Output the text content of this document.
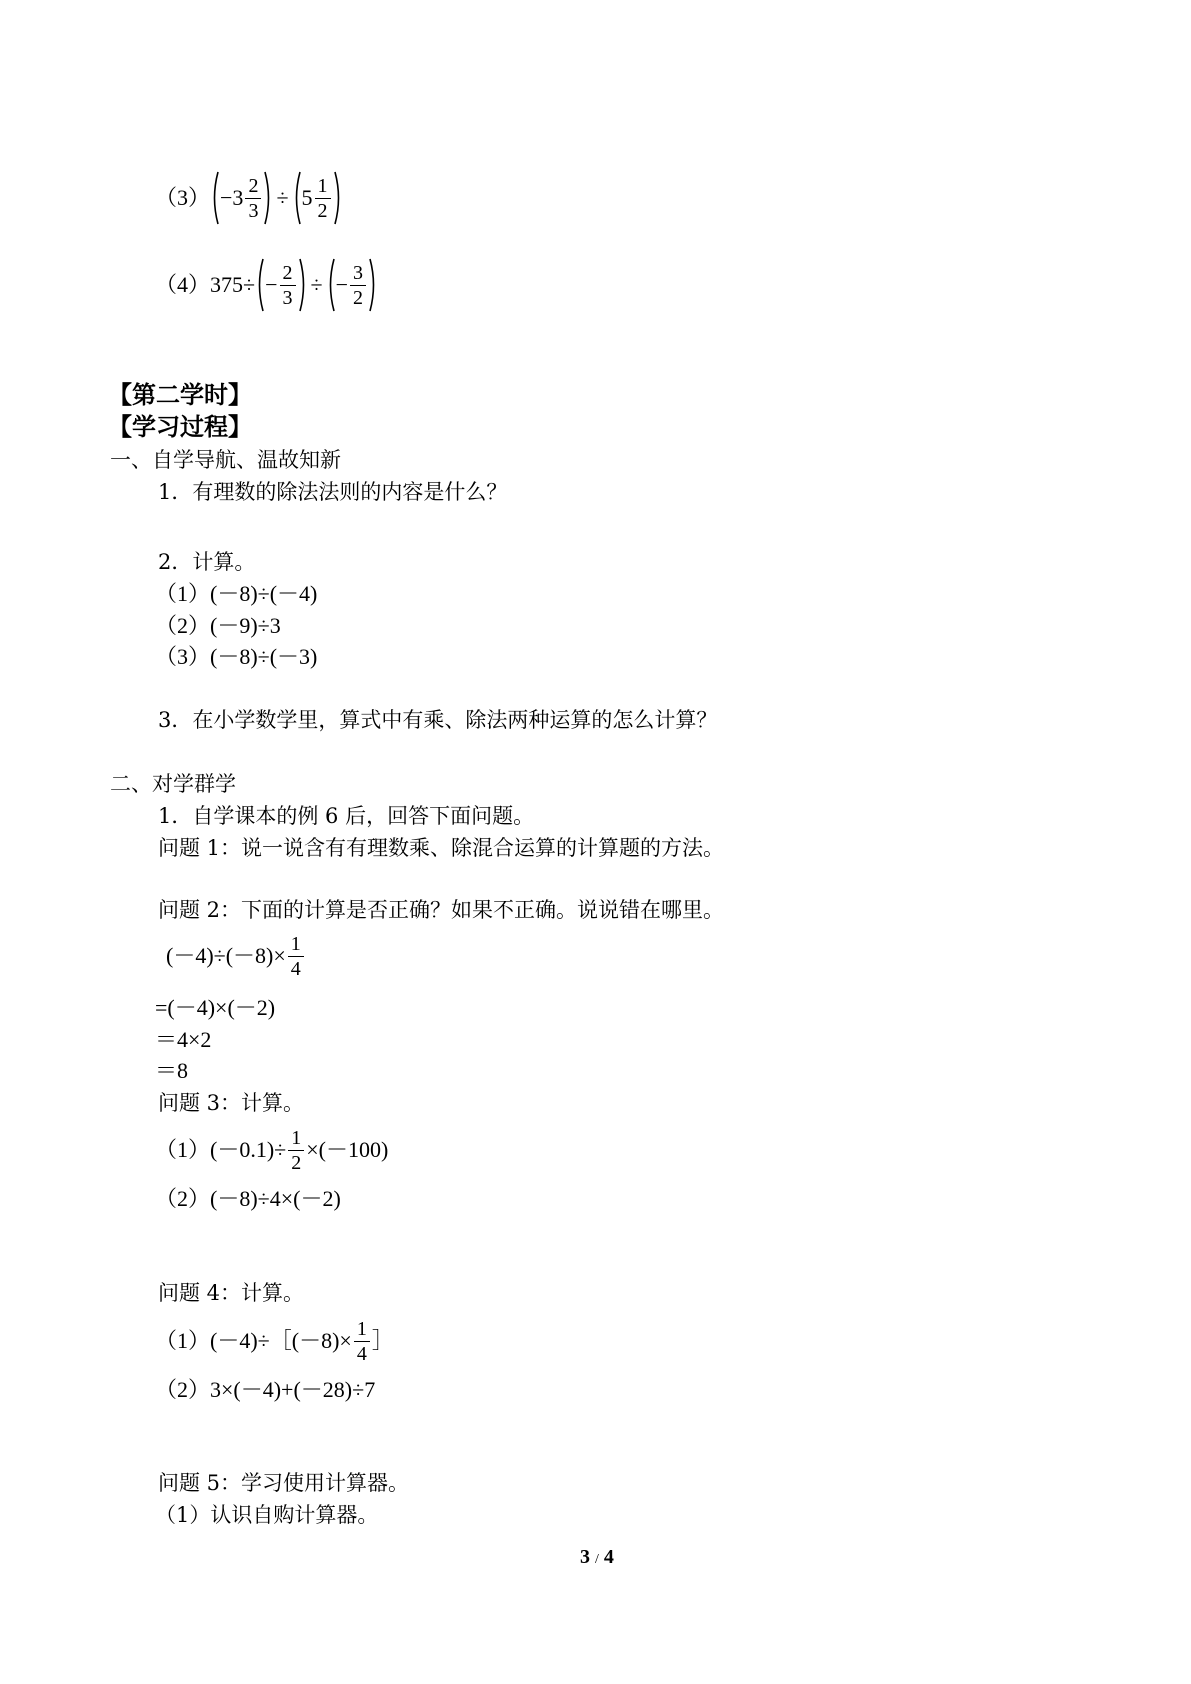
$(3) -3 \frac{2}{3} \div 5 \frac{1}{2}$
（4） $375\div - \frac{2}{3}$ ÷ − $\frac{3}{2}$
【第二学时】
【学习过程】
一、自学导航、温故知新
1．有理数的除法法则的内容是什么？
2．计算。
（1）(－8)÷(－4)
（2）(－9)÷3
（3）(－8)÷(－3)
3．在小学数学里，算式中有乘、除法两种运算的怎么计算？
二、对学群学
1．自学课本的例 6 后，回答下面问题。
问题 1：说一说含有有理数乘、除混合运算的计算题的方法。
问题 2：下面的计算是否正确？如果不正确。说说错在哪里。
$(-4)\div(-8)\times \frac{1}{4}$
=(－4)×(－2)
＝4×2
＝8
问题 3：计算。
（1） $(-0.1)\div \frac{1}{2} \times(-100)$
（2）(－8)÷4×(－2)
问题 4：计算。
（1） (－4)÷［(－8)× $\frac{1}{4}$ ］
（2）3×(－4)+(－28)÷7
问题 5：学习使用计算器。
（1）认识自购计算器。
3 / 4
